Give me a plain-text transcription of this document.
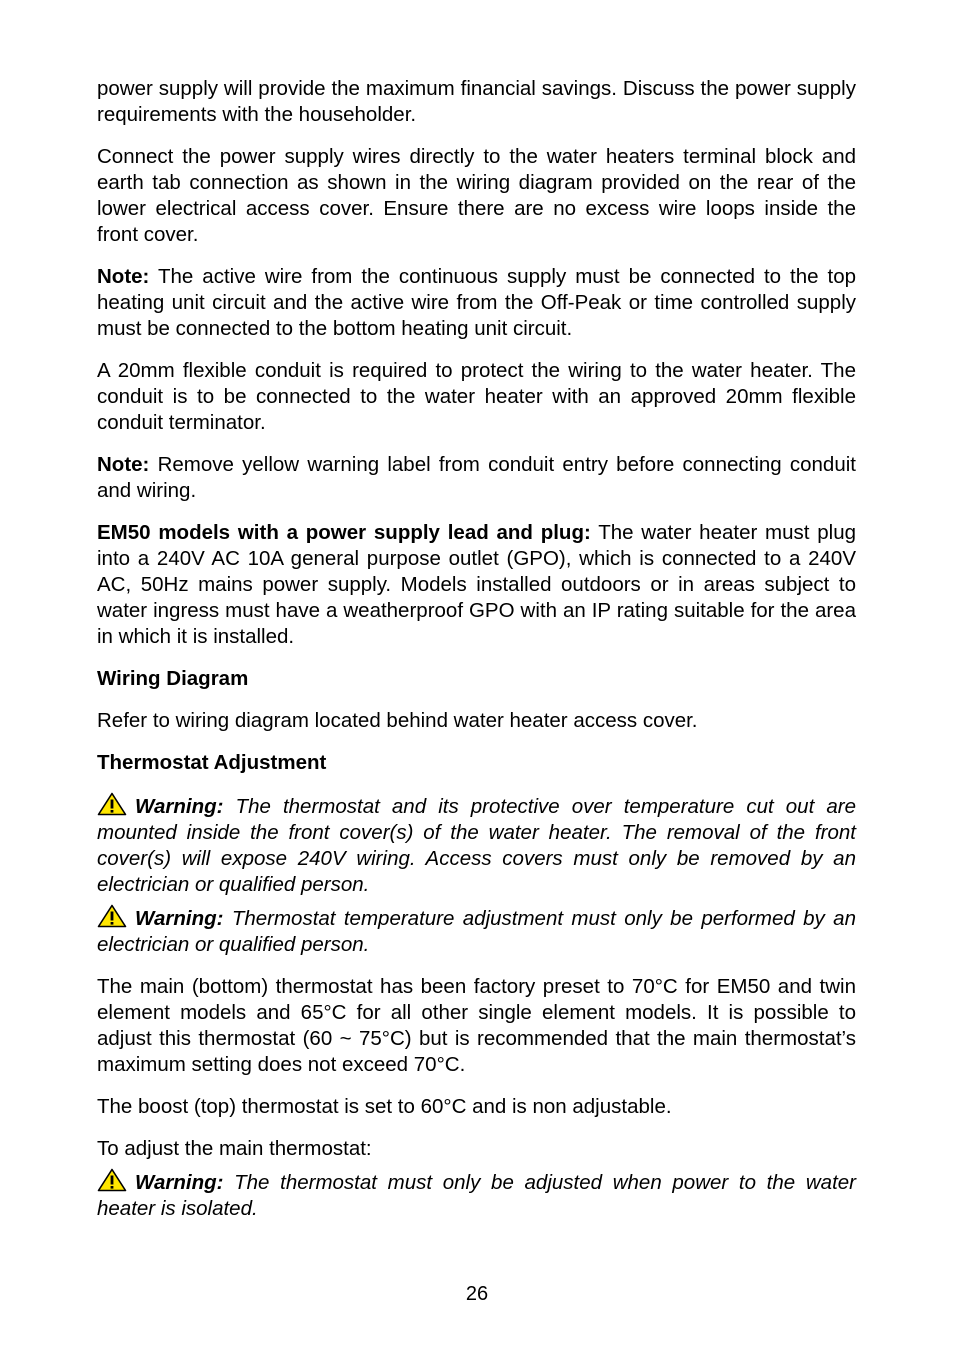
power supply will provide the maximum financial savings. Discuss the power supply requirements with the householder.

Connect the power supply wires directly to the water heaters terminal block and earth tab connection as shown in the wiring diagram provided on the rear of the lower electrical access cover. Ensure there are no excess wire loops inside the front cover.

Note: The active wire from the continuous supply must be connected to the top heating unit circuit and the active wire from the Off-Peak or time controlled supply must be connected to the bottom heating unit circuit.

A 20mm flexible conduit is required to protect the wiring to the water heater. The conduit is to be connected to the water heater with an approved 20mm flexible conduit terminator.

Note: Remove yellow warning label from conduit entry before connecting conduit and wiring.

EM50 models with a power supply lead and plug: The water heater must plug into a 240V AC 10A general purpose outlet (GPO), which is connected to a 240V AC, 50Hz mains power supply. Models installed outdoors or in areas subject to water ingress must have a weatherproof GPO with an IP rating suitable for the area in which it is installed.

Wiring Diagram

Refer to wiring diagram located behind water heater access cover.

Thermostat Adjustment

Warning: The thermostat and its protective over temperature cut out are mounted inside the front cover(s) of the water heater. The removal of the front cover(s) will expose 240V wiring. Access covers must only be removed by an electrician or qualified person.

Warning: Thermostat temperature adjustment must only be performed by an electrician or qualified person.

The main (bottom) thermostat has been factory preset to 70°C for EM50 and twin element models and 65°C for all other single element models. It is possible to adjust this thermostat (60 ~ 75°C) but is recommended that the main thermostat’s maximum setting does not exceed 70°C.

The boost (top) thermostat is set to 60°C and is non adjustable.

To adjust the main thermostat:

Warning: The thermostat must only be adjusted when power to the water heater is isolated.

26
